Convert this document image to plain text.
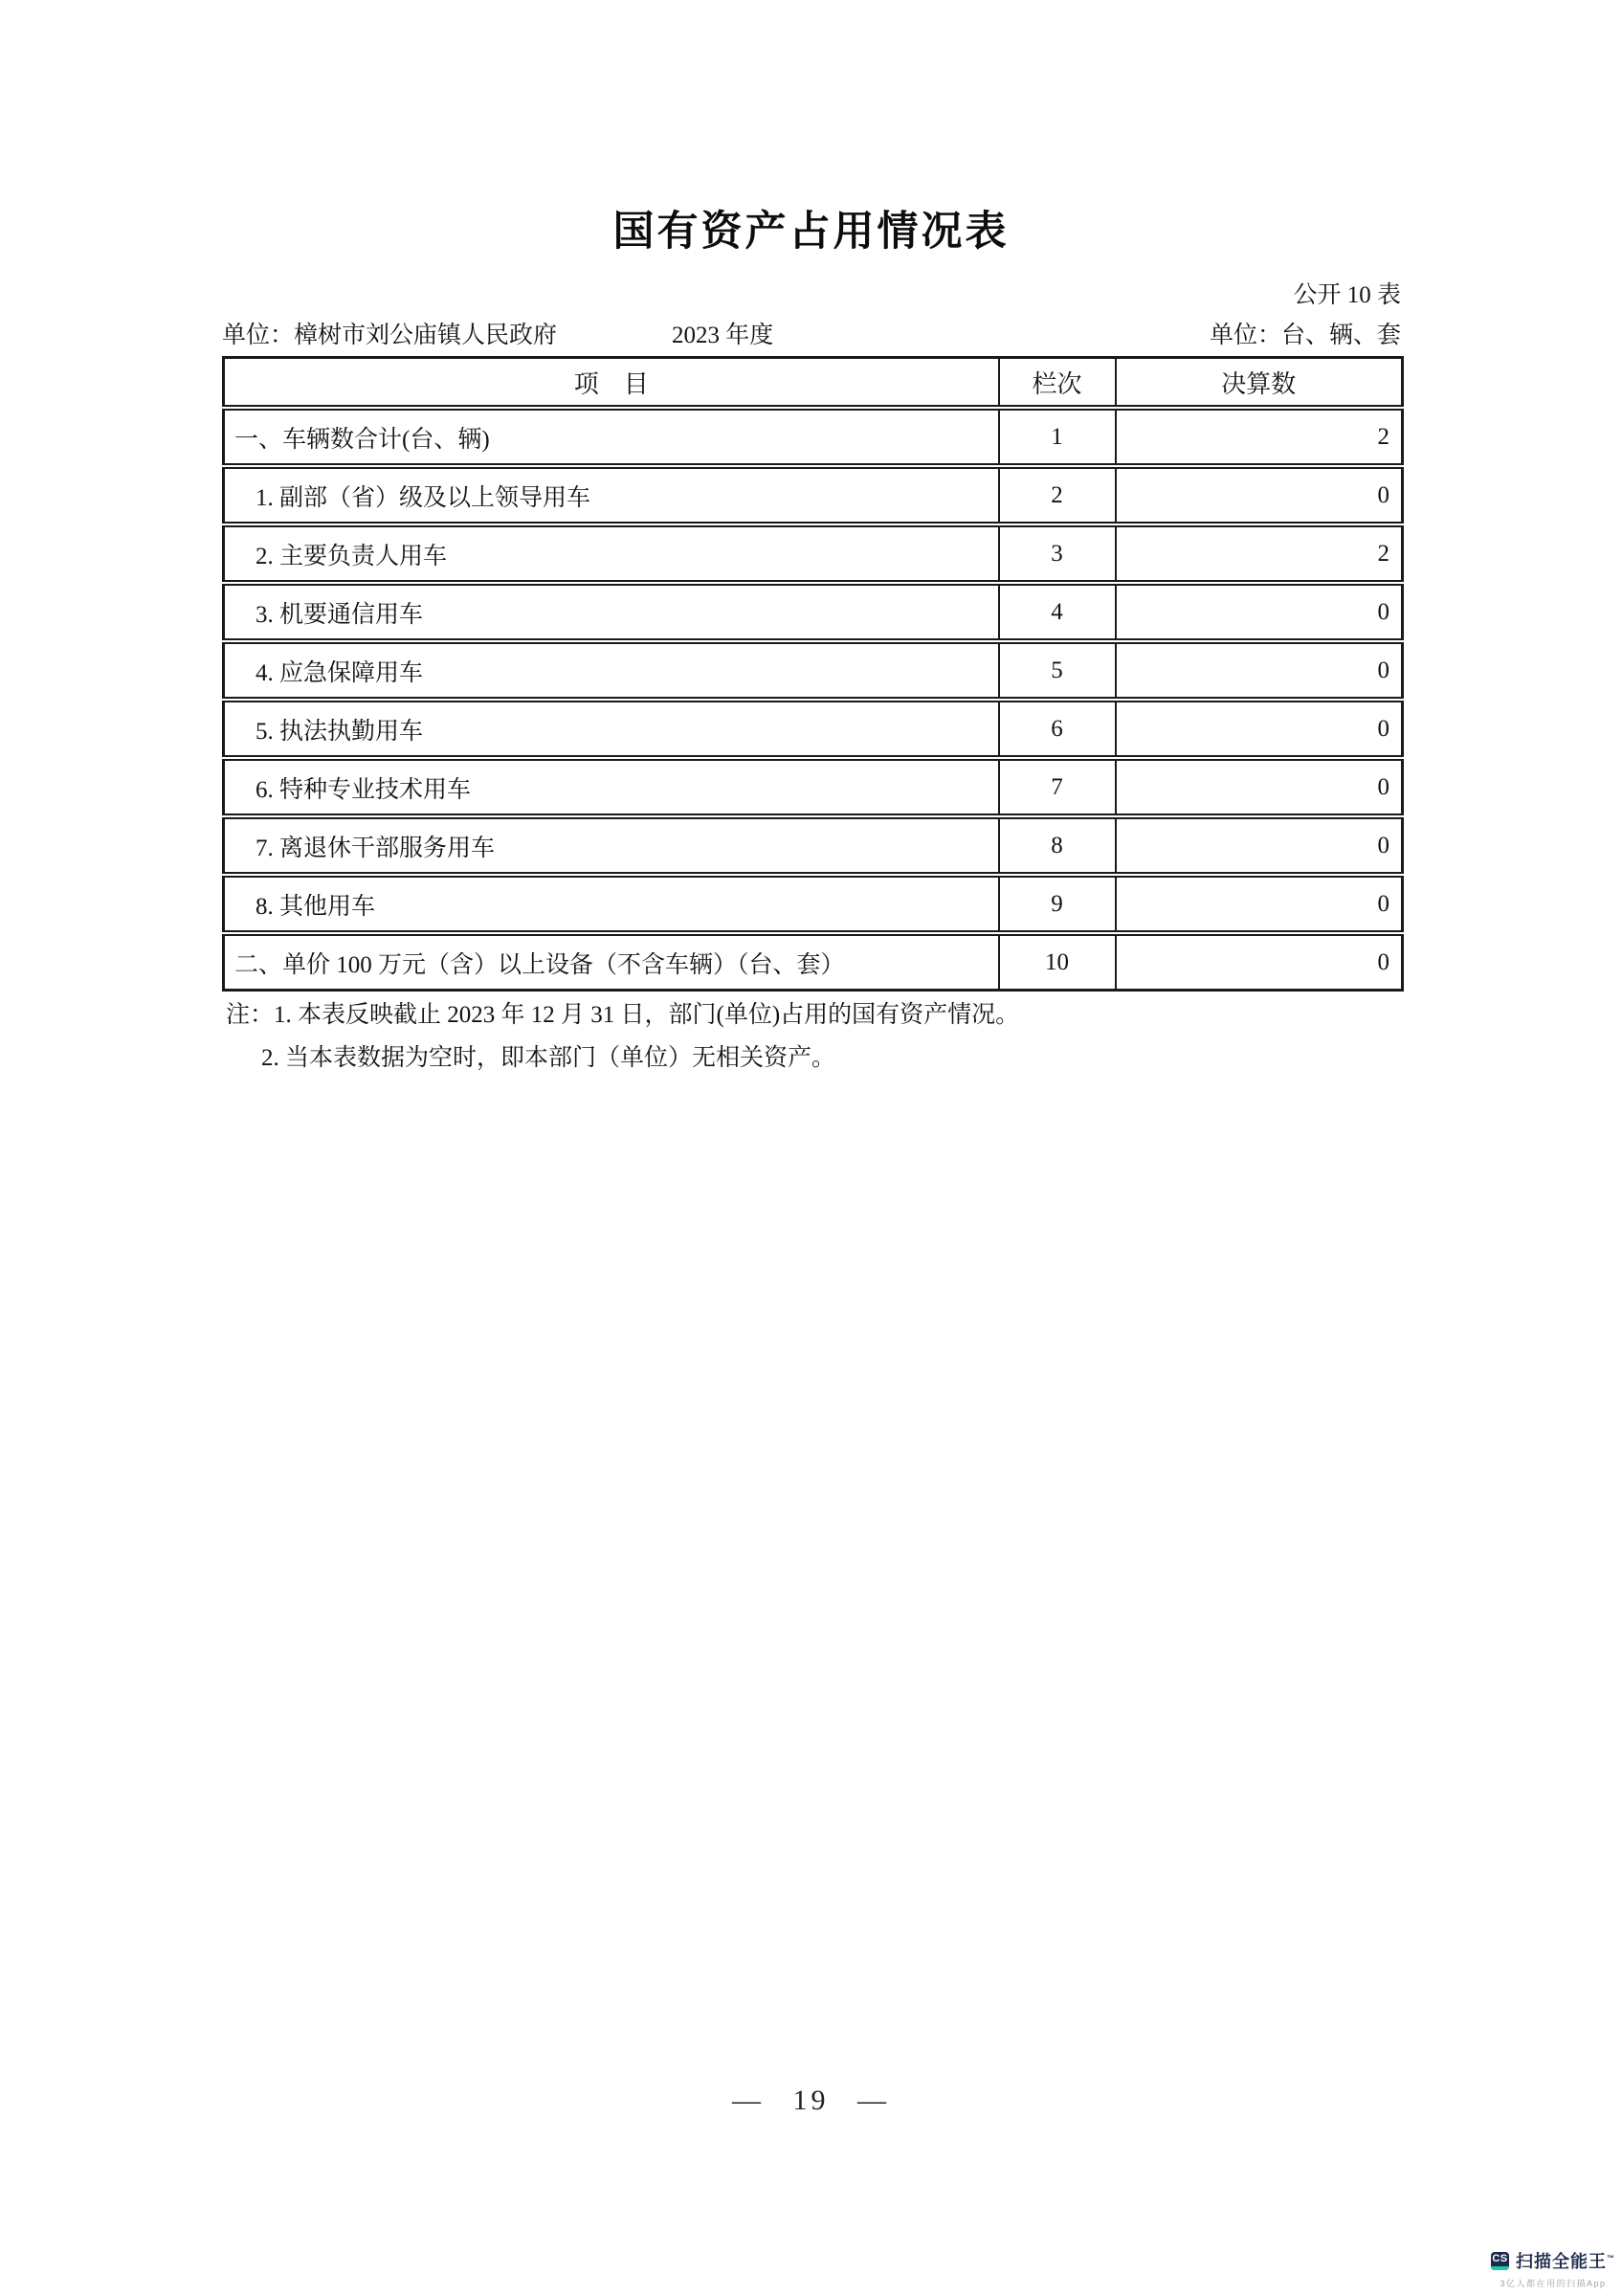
国有资产占用情况表
公开 10 表
单位：樟树市刘公庙镇人民政府	2023 年度	单位：台、辆、套
项　目	栏次	决算数
一、车辆数合计(台、辆)	1	2
1. 副部（省）级及以上领导用车	2	0
2. 主要负责人用车	3	2
3. 机要通信用车	4	0
4. 应急保障用车	5	0
5. 执法执勤用车	6	0
6. 特种专业技术用车	7	0
7. 离退休干部服务用车	8	0
8. 其他用车	9	0
二、单价 100 万元（含）以上设备（不含车辆）（台、套）	10	0
注：1. 本表反映截止 2023 年 12 月 31 日，部门(单位)占用的国有资产情况。
2. 当本表数据为空时，即本部门（单位）无相关资产。
— 19 —
CS 扫描全能王™
3亿人都在用的扫描App
